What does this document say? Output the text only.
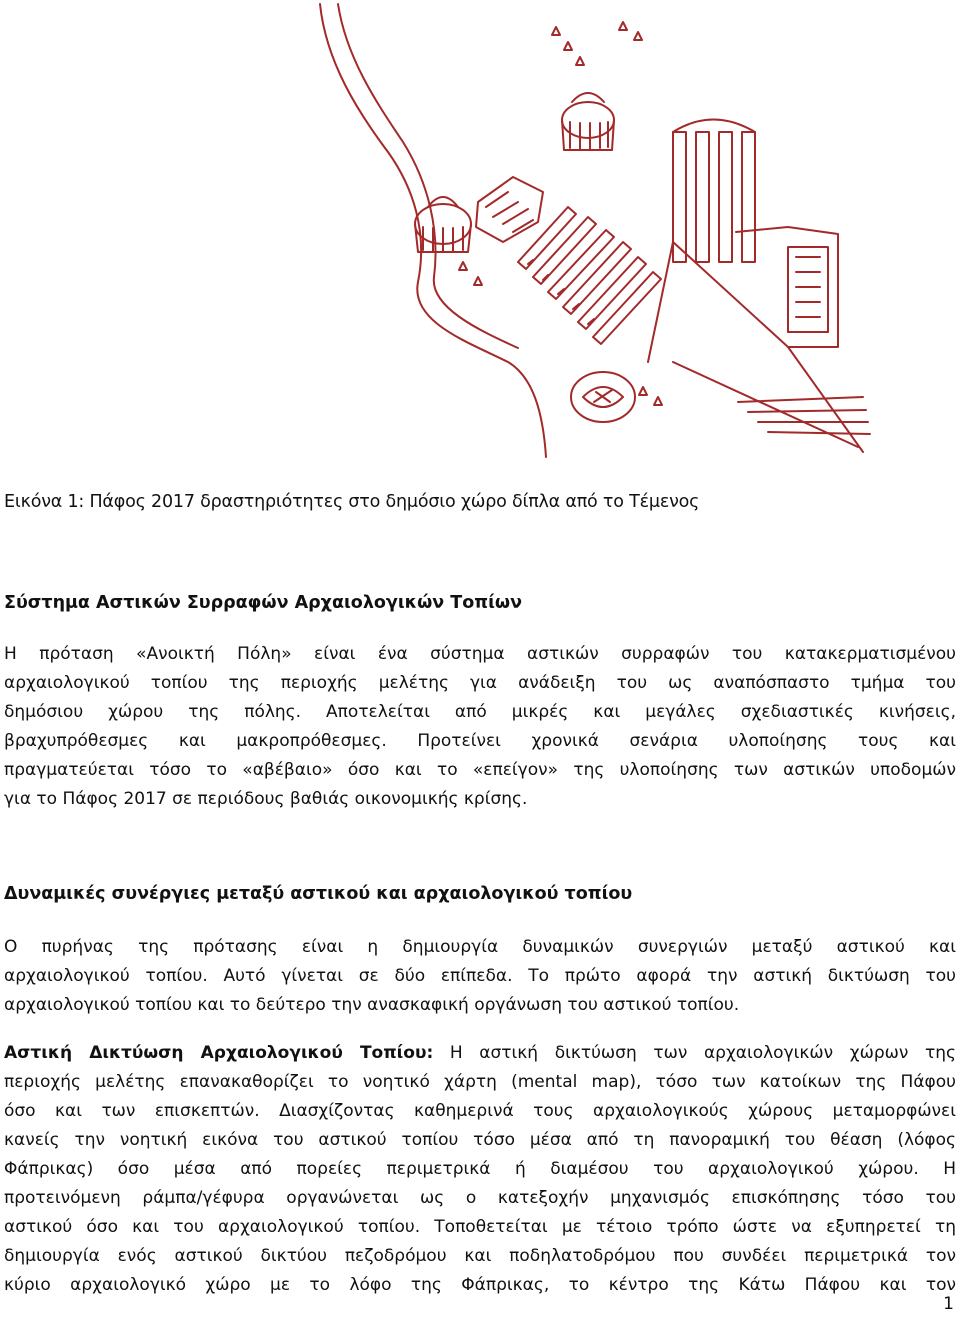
Εικόνα 1: Πάφος 2017 δραστηριότητες στο δημόσιο χώρο δίπλα από το Τέμενος
Σύστημα Αστικών Συρραφών Αρχαιολογικών Τοπίων
Η πρόταση «Ανοικτή Πόλη» είναι ένα σύστημα αστικών συρραφών του κατακερματισμένου
αρχαιολογικού τοπίου της περιοχής μελέτης για ανάδειξη του ως αναπόσπαστο τμήμα του
δημόσιου χώρου της πόλης. Αποτελείται από μικρές και μεγάλες σχεδιαστικές κινήσεις,
βραχυπρόθεσμες και μακροπρόθεσμες. Προτείνει χρονικά σενάρια υλοποίησης τους και
πραγματεύεται τόσο το «αβέβαιο» όσο και το «επείγον» της υλοποίησης των αστικών υποδομών
για το Πάφος 2017 σε περιόδους βαθιάς οικονομικής κρίσης.
Δυναμικές συνέργιες μεταξύ αστικού και αρχαιολογικού τοπίου
Ο πυρήνας της πρότασης είναι η δημιουργία δυναμικών συνεργιών μεταξύ αστικού και
αρχαιολογικού τοπίου. Αυτό γίνεται σε δύο επίπεδα. Το πρώτο αφορά την αστική δικτύωση του
αρχαιολογικού τοπίου και το δεύτερο την ανασκαφική οργάνωση του αστικού τοπίου.
Αστική Δικτύωση Αρχαιολογικού Τοπίου: Η αστική δικτύωση των αρχαιολογικών χώρων της
περιοχής μελέτης επανακαθορίζει το νοητικό χάρτη (mental map), τόσο των κατοίκων της Πάφου
όσο και των επισκεπτών. Διασχίζοντας καθημερινά τους αρχαιολογικούς χώρους μεταμορφώνει
κανείς την νοητική εικόνα του αστικού τοπίου τόσο μέσα από τη πανοραμική του θέαση (λόφος
Φάπρικας) όσο μέσα από πορείες περιμετρικά ή διαμέσου του αρχαιολογικού χώρου. Η
προτεινόμενη ράμπα/γέφυρα οργανώνεται ως ο κατεξοχήν μηχανισμός επισκόπησης τόσο του
αστικού όσο και του αρχαιολογικού τοπίου. Τοποθετείται με τέτοιο τρόπο ώστε να εξυπηρετεί τη
δημιουργία ενός αστικού δικτύου πεζοδρόμου και ποδηλατοδρόμου που συνδέει περιμετρικά τον
κύριο αρχαιολογικό χώρο με το λόφο της Φάπρικας, το κέντρο της Κάτω Πάφου και τον
1
